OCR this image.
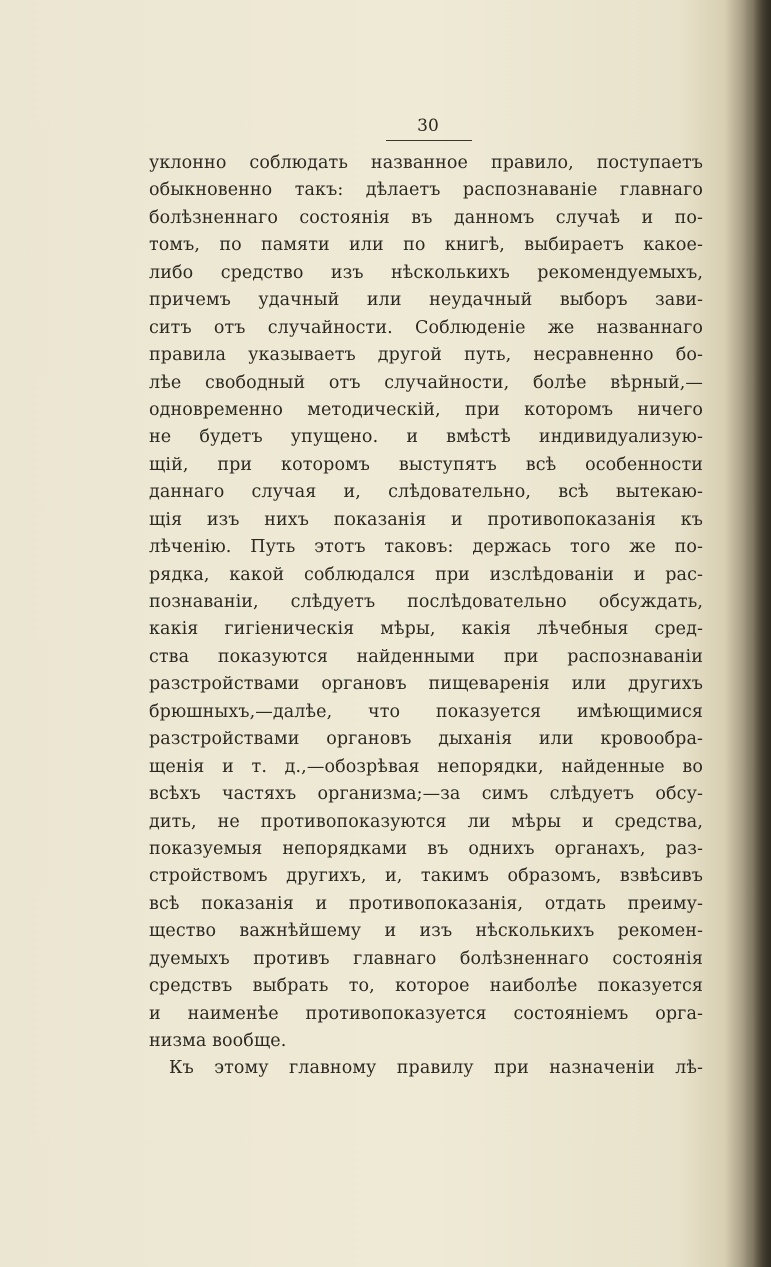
30
уклонно соблюдать названное правило, поступаетъ
обыкновенно такъ: дѣлаетъ распознаванiе главнаго
болѣзненнаго состоянiя въ данномъ случаѣ и по-
томъ, по памяти или по книгѣ, выбираетъ какое-
либо средство изъ нѣсколькихъ рекомендуемыхъ,
причемъ удачный или неудачный выборъ зави-
ситъ отъ случайности. Соблюденiе же названнаго
правила указываетъ другой путь, несравненно бо-
лѣе свободный отъ случайности, болѣе вѣрный,—
одновременно методическiй, при которомъ ничего
не будетъ упущено. и вмѣстѣ индивидуализую-
щiй, при которомъ выступятъ всѣ особенности
даннаго случая и, слѣдовательно, всѣ вытекаю-
щiя изъ нихъ показанiя и противопоказанiя къ
лѣченiю. Путь этотъ таковъ: держась того же по-
рядка, какой соблюдался при изслѣдованiи и рас-
познаванiи, слѣдуетъ послѣдовательно обсуждать,
какiя гигiеническiя мѣры, какiя лѣчебныя сред-
ства показуются найденными при распознаванiи
разстройствами органовъ пищеваренiя или другихъ
брюшныхъ,—далѣе, что показуется имѣющимися
разстройствами органовъ дыханiя или кровообра-
щенiя и т. д.,—обозрѣвая непорядки, найденные во
всѣхъ частяхъ организма;—за симъ слѣдуетъ обсу-
дить, не противопоказуются ли мѣры и средства,
показуемыя непорядками въ однихъ органахъ, раз-
стройствомъ другихъ, и, такимъ образомъ, взвѣсивъ
всѣ показанiя и противопоказанiя, отдать преиму-
щество важнѣйшему и изъ нѣсколькихъ рекомен-
дуемыхъ противъ главнаго болѣзненнаго состоянiя
средствъ выбрать то, которое наиболѣе показуется
и наименѣе противопоказуется состоянiемъ орга-
низма вообще.
Къ этому главному правилу при назначенiи лѣ-
